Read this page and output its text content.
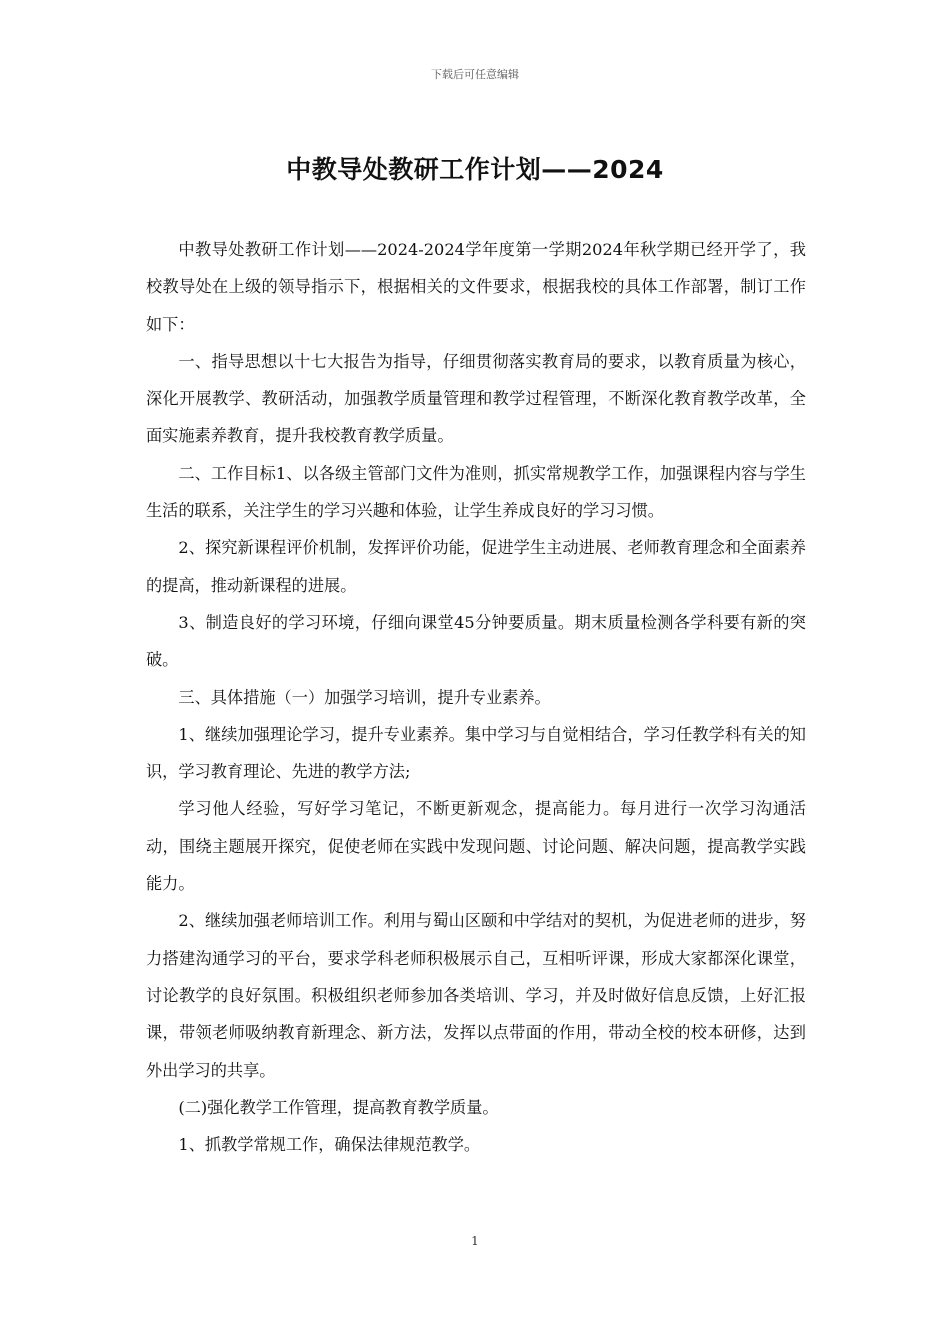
下载后可任意编辑
中教导处教研工作计划——2024

中教导处教研工作计划——2024-2024学年度第一学期2024年秋学期已经开学了，我校教导处在上级的领导指示下，根据相关的文件要求，根据我校的具体工作部署，制订工作如下：

一、指导思想以十七大报告为指导，仔细贯彻落实教育局的要求，以教育质量为核心，深化开展教学、教研活动，加强教学质量管理和教学过程管理，不断深化教育教学改革，全面实施素养教育，提升我校教育教学质量。

二、工作目标1、以各级主管部门文件为准则，抓实常规教学工作，加强课程内容与学生生活的联系，关注学生的学习兴趣和体验，让学生养成良好的学习习惯。

2、探究新课程评价机制，发挥评价功能，促进学生主动进展、老师教育理念和全面素养的提高，推动新课程的进展。

3、制造良好的学习环境，仔细向课堂45分钟要质量。期末质量检测各学科要有新的突破。

三、具体措施（一）加强学习培训，提升专业素养。

1、继续加强理论学习，提升专业素养。集中学习与自觉相结合，学习任教学科有关的知识，学习教育理论、先进的教学方法;

学习他人经验，写好学习笔记，不断更新观念，提高能力。每月进行一次学习沟通活动，围绕主题展开探究，促使老师在实践中发现问题、讨论问题、解决问题，提高教学实践能力。

2、继续加强老师培训工作。利用与蜀山区颐和中学结对的契机，为促进老师的进步，努力搭建沟通学习的平台，要求学科老师积极展示自己，互相听评课，形成大家都深化课堂，讨论教学的良好氛围。积极组织老师参加各类培训、学习，并及时做好信息反馈，上好汇报课，带领老师吸纳教育新理念、新方法，发挥以点带面的作用，带动全校的校本研修，达到外出学习的共享。

(二)强化教学工作管理，提高教育教学质量。

1、抓教学常规工作，确保法律规范教学。

1
